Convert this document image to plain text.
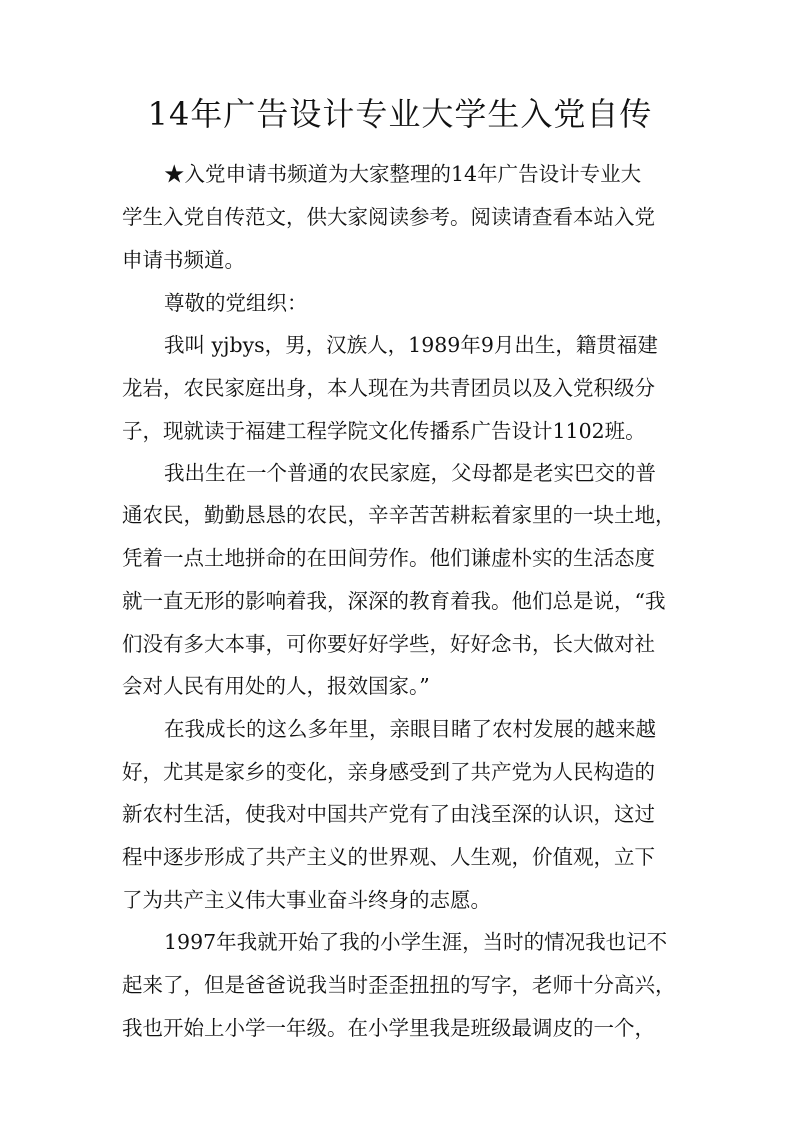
14年广告设计专业大学生入党自传
★入党申请书频道为大家整理的14年广告设计专业大
学生入党自传范文，供大家阅读参考。阅读请查看本站入党
申请书频道。
尊敬的党组织：
我叫 yjbys，男，汉族人，1989年9月出生，籍贯福建
龙岩，农民家庭出身，本人现在为共青团员以及入党积级分
子，现就读于福建工程学院文化传播系广告设计1102班。
我出生在一个普通的农民家庭，父母都是老实巴交的普
通农民，勤勤恳恳的农民，辛辛苦苦耕耘着家里的一块土地，
凭着一点土地拼命的在田间劳作。他们谦虚朴实的生活态度
就一直无形的影响着我，深深的教育着我。他们总是说，“我
们没有多大本事，可你要好好学些，好好念书，长大做对社
会对人民有用处的人，报效国家。”
在我成长的这么多年里，亲眼目睹了农村发展的越来越
好，尤其是家乡的变化，亲身感受到了共产党为人民构造的
新农村生活，使我对中国共产党有了由浅至深的认识，这过
程中逐步形成了共产主义的世界观、人生观，价值观，立下
了为共产主义伟大事业奋斗终身的志愿。
1997年我就开始了我的小学生涯，当时的情况我也记不
起来了，但是爸爸说我当时歪歪扭扭的写字，老师十分高兴，
我也开始上小学一年级。在小学里我是班级最调皮的一个，
